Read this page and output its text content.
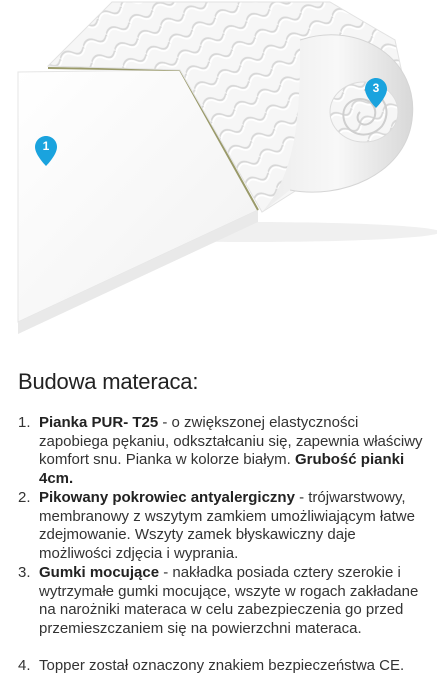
1
3
Budowa materaca:
1. Pianka PUR- T25 - o zwiększonej elastyczności zapobiega pękaniu, odkształcaniu się, zapewnia właściwy komfort snu. Pianka w kolorze białym. Grubość pianki 4cm.
2. Pikowany pokrowiec antyalergiczny - trójwarstwowy, membranowy z wszytym zamkiem umożliwiającym łatwe zdejmowanie. Wszyty zamek błyskawiczny daje możliwości zdjęcia i wyprania.
3. Gumki mocujące - nakładka posiada cztery szerokie i wytrzymałe gumki mocujące, wszyte w rogach zakładane na narożniki materaca w celu zabezpieczenia go przed przemieszczaniem się na powierzchni materaca.
4. Topper został oznaczony znakiem bezpieczeństwa CE.
